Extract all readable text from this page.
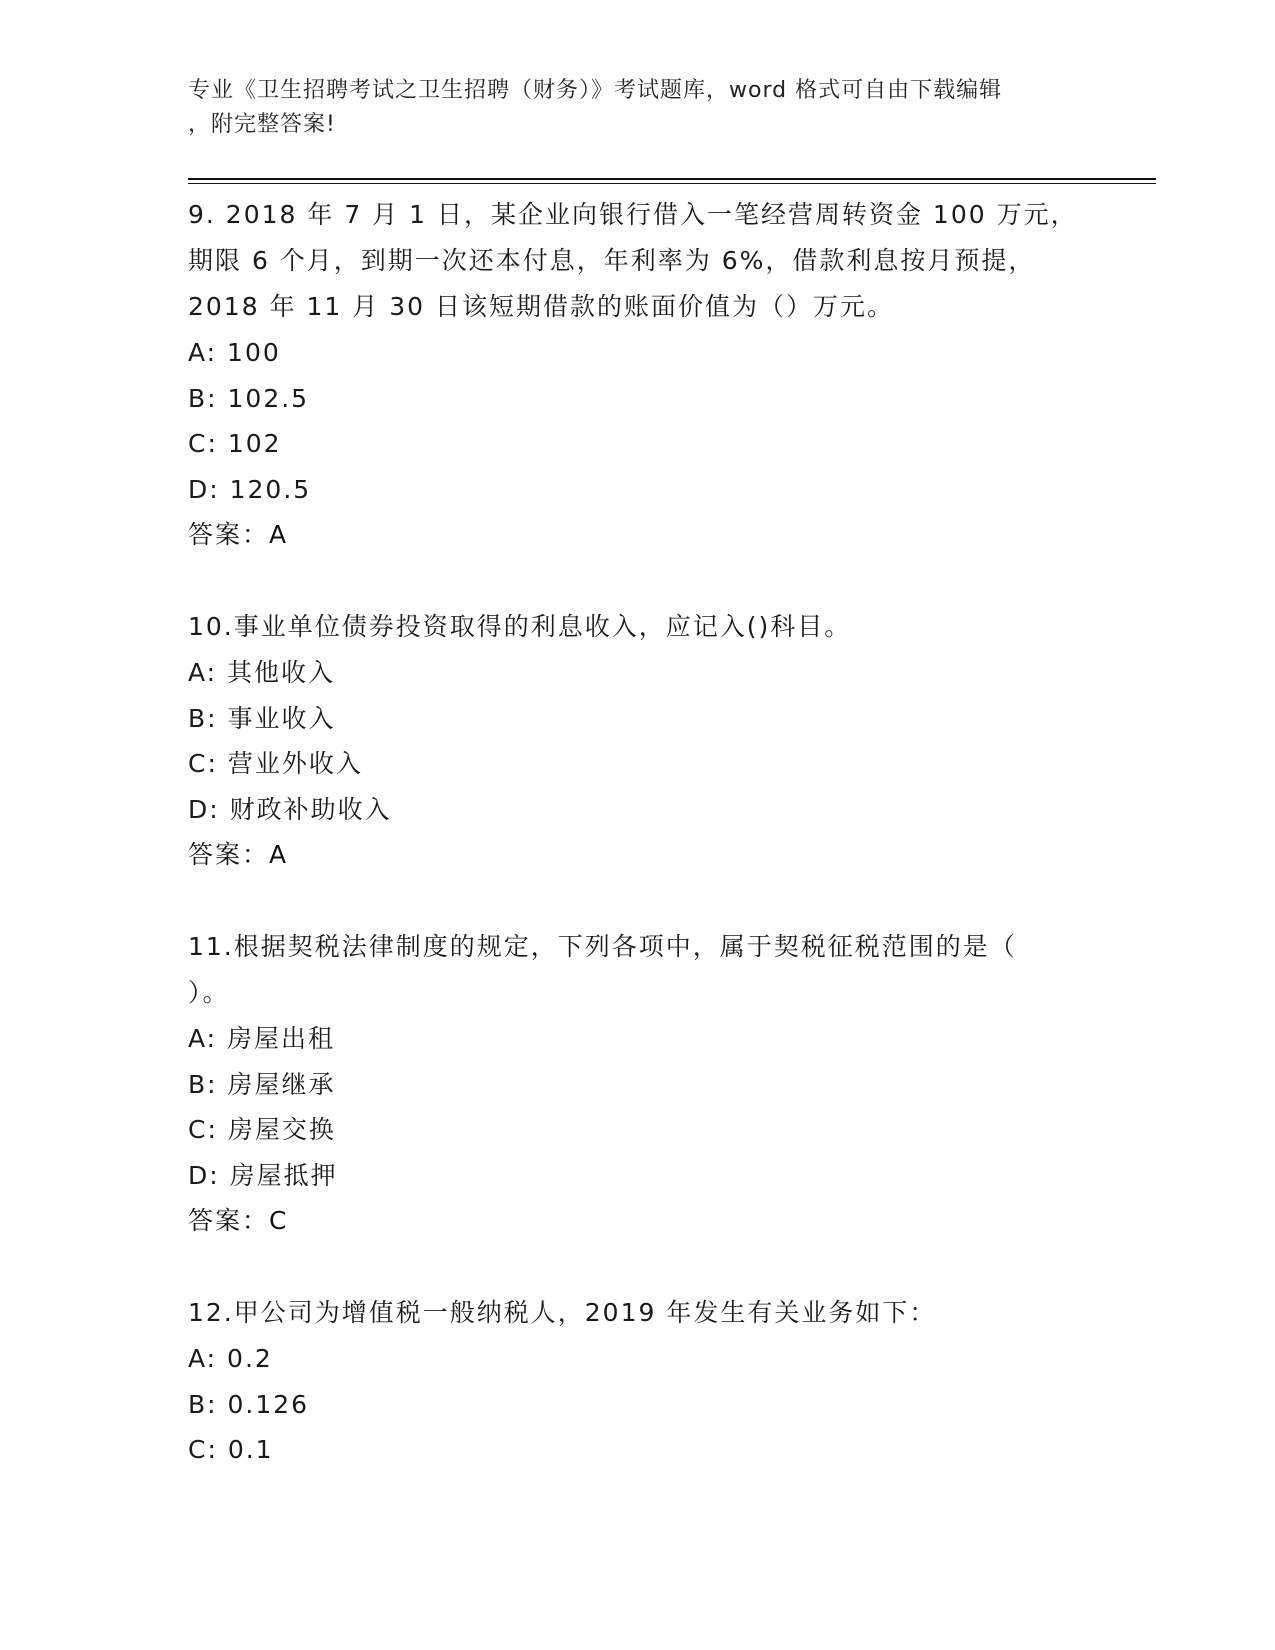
专业《卫生招聘考试之卫生招聘（财务）》考试题库，word 格式可自由下载编辑
，附完整答案!
9. 2018 年 7 月 1 日，某企业向银行借入一笔经营周转资金 100 万元，
期限 6 个月，到期一次还本付息，年利率为 6%，借款利息按月预提，
2018 年 11 月 30 日该短期借款的账面价值为（）万元。
A: 100
B: 102.5
C: 102
D: 120.5
答案：A
10.事业单位债券投资取得的利息收入，应记入()科目。
A: 其他收入
B: 事业收入
C: 营业外收入
D: 财政补助收入
答案：A
11.根据契税法律制度的规定，下列各项中，属于契税征税范围的是（
）。
A: 房屋出租
B: 房屋继承
C: 房屋交换
D: 房屋抵押
答案：C
12.甲公司为增值税一般纳税人，2019 年发生有关业务如下：
A: 0.2
B: 0.126
C: 0.1
